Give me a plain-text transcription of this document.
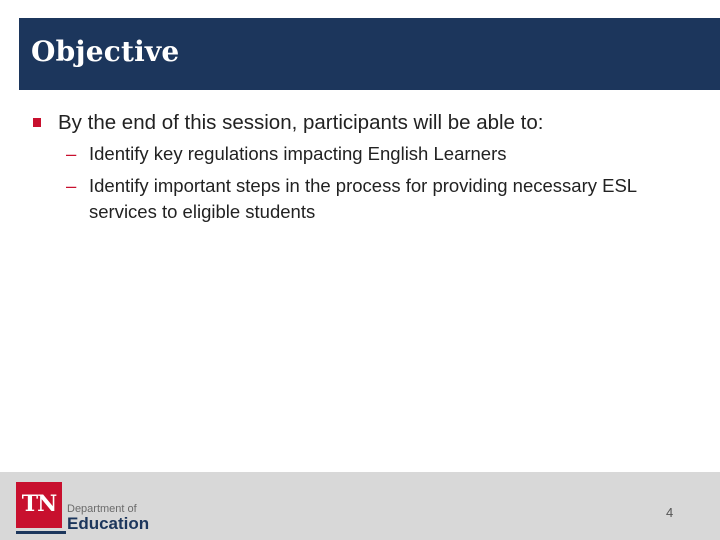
Objective
By the end of this session, participants will be able to:
– Identify key regulations impacting English Learners
– Identify important steps in the process for providing necessary ESL services to eligible students
TN Department of
Education
4
